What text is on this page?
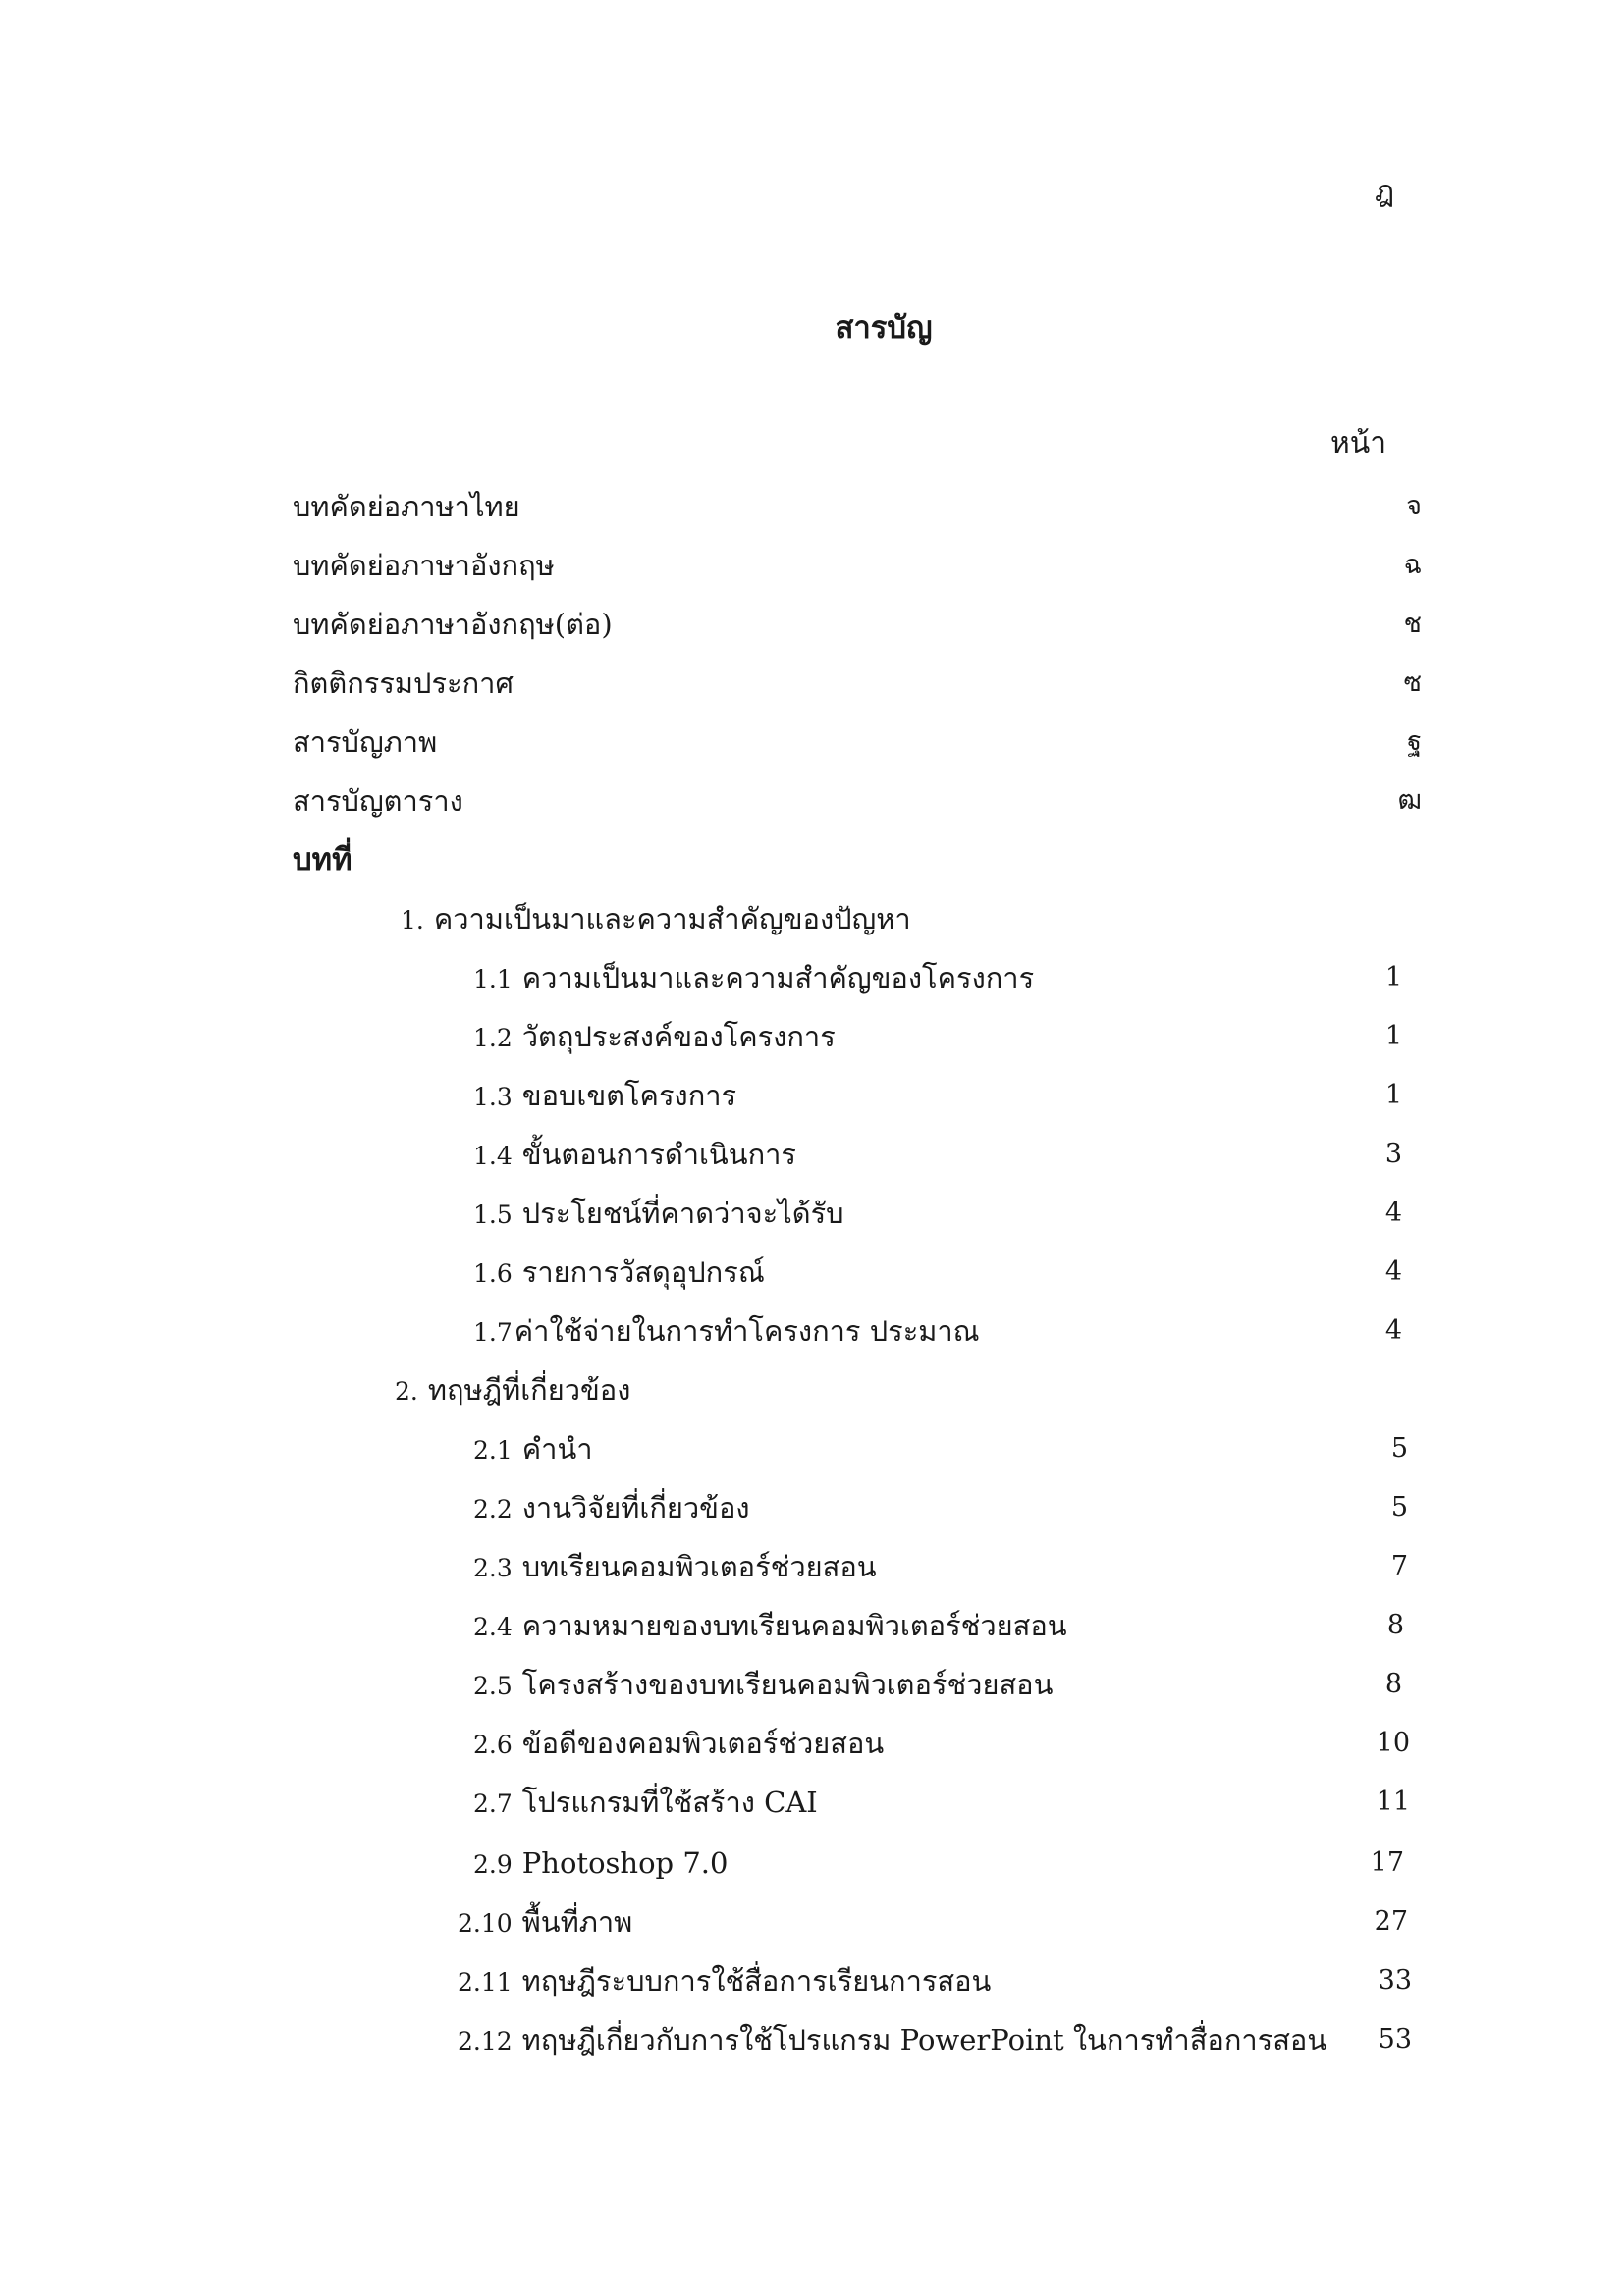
ฎ
สารบัญ
หน้า
บทคัดย่อภาษาไทย	จ
บทคัดย่อภาษาอังกฤษ	ฉ
บทคัดย่อภาษาอังกฤษ(ต่อ)	ช
กิตติกรรมประกาศ	ซ
สารบัญภาพ	ฐ
สารบัญตาราง	ฒ
บทที่
1. ความเป็นมาและความสำคัญของปัญหา
1.1 ความเป็นมาและความสำคัญของโครงการ	1
1.2 วัตถุประสงค์ของโครงการ	1
1.3 ขอบเขตโครงการ	1
1.4 ขั้นตอนการดำเนินการ	3
1.5 ประโยชน์ที่คาดว่าจะได้รับ	4
1.6 รายการวัสดุอุปกรณ์	4
1.7ค่าใช้จ่ายในการทำโครงการ ประมาณ	4
2. ทฤษฎีที่เกี่ยวข้อง
2.1 คำนำ	5
2.2 งานวิจัยที่เกี่ยวข้อง	5
2.3 บทเรียนคอมพิวเตอร์ช่วยสอน	7
2.4 ความหมายของบทเรียนคอมพิวเตอร์ช่วยสอน	8
2.5 โครงสร้างของบทเรียนคอมพิวเตอร์ช่วยสอน	8
2.6 ข้อดีของคอมพิวเตอร์ช่วยสอน	10
2.7 โปรแกรมที่ใช้สร้าง CAI	11
2.9 Photoshop 7.0	17
2.10 พื้นที่ภาพ	27
2.11 ทฤษฎีระบบการใช้สื่อการเรียนการสอน	33
2.12 ทฤษฎีเกี่ยวกับการใช้โปรแกรม PowerPoint ในการทำสื่อการสอน 53
